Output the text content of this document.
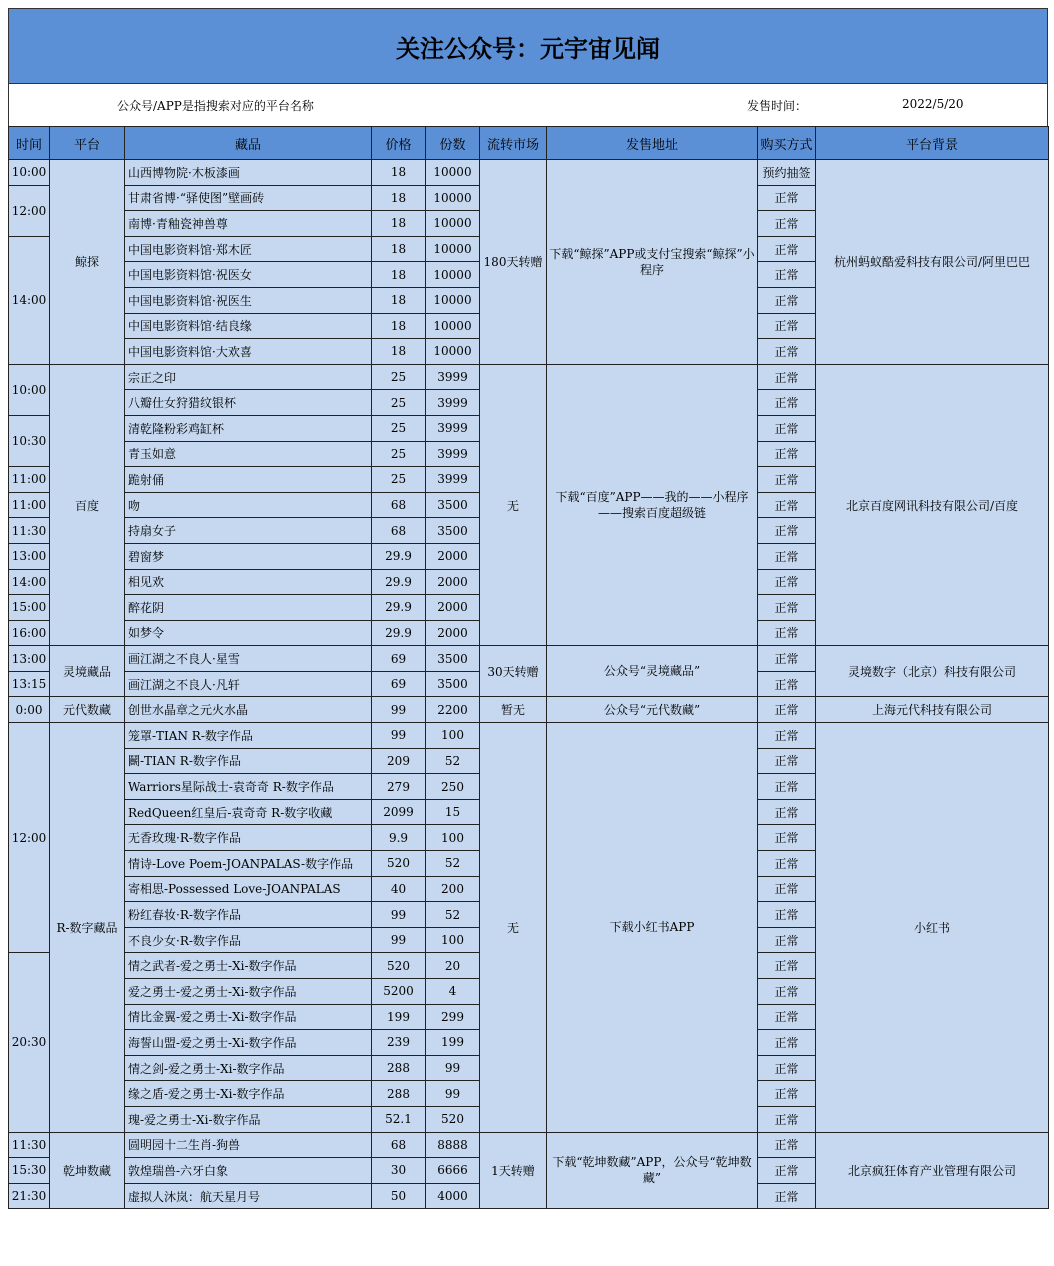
关注公众号：元宇宙见闻
公众号/APP是指搜索对应的平台名称	发售时间：	2022/5/20
时间	平台	藏品	价格	份数	流转市场	发售地址	购买方式	平台背景
10:00	鲸探	山西博物院·木板漆画	18	10000	180天转赠	下载“鲸探”APP或支付宝搜索“鲸探”小程序	预约抽签	杭州蚂蚁酷爱科技有限公司/阿里巴巴
12:00		甘肃省博·“驿使图”壁画砖	18	10000			正常	
		南博·青釉瓷神兽尊	18	10000			正常	
14:00		中国电影资料馆·郑木匠	18	10000			正常	
		中国电影资料馆·祝医女	18	10000			正常	
		中国电影资料馆·祝医生	18	10000			正常	
		中国电影资料馆·结良缘	18	10000			正常	
		中国电影资料馆·大欢喜	18	10000			正常	
10:00	百度	宗正之印	25	3999	无	下载“百度”APP——我的——小程序——搜索百度超级链	正常	北京百度网讯科技有限公司/百度
		八瓣仕女狩猎纹银杯	25	3999			正常	
10:30		清乾隆粉彩鸡缸杯	25	3999			正常	
		青玉如意	25	3999			正常	
11:00		跪射俑	25	3999			正常	
11:00		吻	68	3500			正常	
11:30		持扇女子	68	3500			正常	
13:00		碧窗梦	29.9	2000			正常	
14:00		相见欢	29.9	2000			正常	
15:00		醉花阴	29.9	2000			正常	
16:00		如梦令	29.9	2000			正常	
13:00	灵境藏品	画江湖之不良人·星雪	69	3500	30天转赠	公众号“灵境藏品”	正常	灵境数字（北京）科技有限公司
13:15		画江湖之不良人·凡轩	69	3500			正常	
0:00	元代数藏	创世水晶章之元火水晶	99	2200	暂无	公众号“元代数藏”	正常	上海元代科技有限公司
12:00	R-数字藏品	笼罩-TIAN R-数字作品	99	100	无	下载小红书APP	正常	小红书
		鬭-TIAN R-数字作品	209	52			正常	
		Warriors星际战士-袁奇奇 R-数字作品	279	250			正常	
		RedQueen红皇后-袁奇奇 R-数字收藏	2099	15			正常	
		无香玫瑰·R-数字作品	9.9	100			正常	
		情诗-Love Poem-JOANPALAS-数字作品	520	52			正常	
		寄相思-Possessed Love-JOANPALAS	40	200			正常	
		粉红春妆·R-数字作品	99	52			正常	
		不良少女·R-数字作品	99	100			正常	
20:30		情之武者-爱之勇士-Xi-数字作品	520	20			正常	
		爱之勇士-爱之勇士-Xi-数字作品	5200	4			正常	
		情比金翼-爱之勇士-Xi-数字作品	199	299			正常	
		海誓山盟-爱之勇士-Xi-数字作品	239	199			正常	
		情之剑-爱之勇士-Xi-数字作品	288	99			正常	
		缘之盾-爱之勇士-Xi-数字作品	288	99			正常	
		瑰-爱之勇士-Xi-数字作品	52.1	520			正常	
11:30	乾坤数藏	圆明园十二生肖-狗兽	68	8888	1天转赠	下载“乾坤数藏”APP，公众号“乾坤数藏”	正常	北京疯狂体育产业管理有限公司
15:30		敦煌瑞兽-六牙白象	30	6666			正常	
21:30		虚拟人沐岚：航天星月号	50	4000			正常	
